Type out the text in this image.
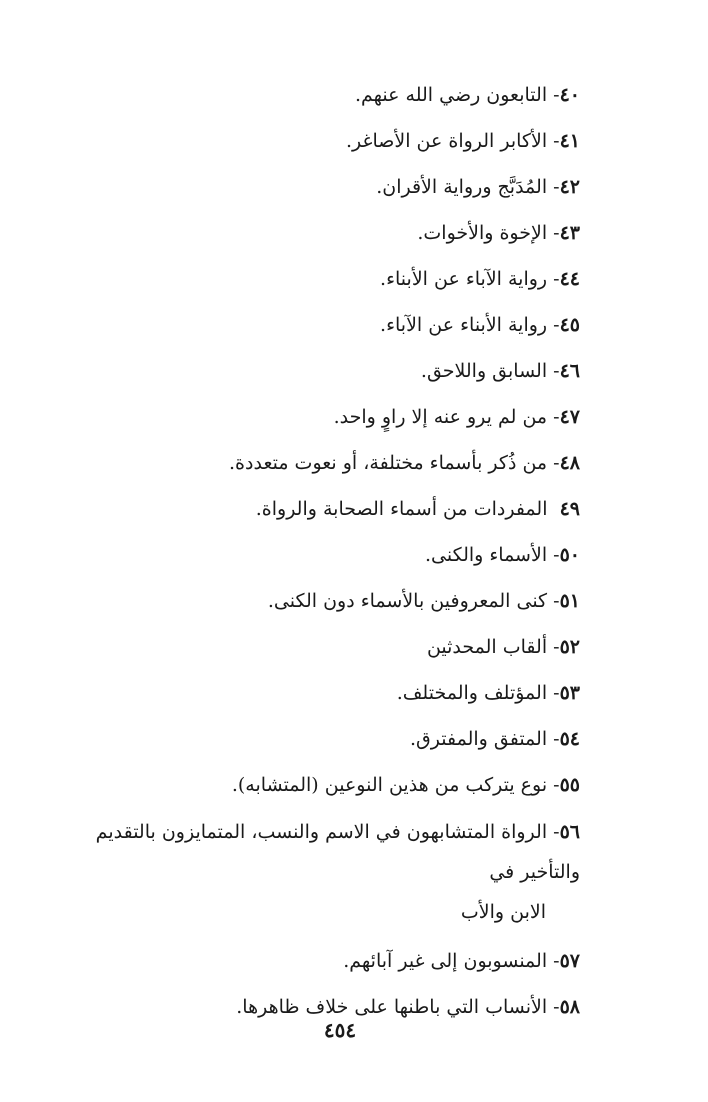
٤٠- التابعون رضي الله عنهم.
٤١- الأكابر الرواة عن الأصاغر.
٤٢- المُدَبَّج ورواية الأقران.
٤٣- الإخوة والأخوات.
٤٤- رواية الآباء عن الأبناء.
٤٥- رواية الأبناء عن الآباء.
٤٦- السابق واللاحق.
٤٧- من لم يرو عنه إلا راوٍ واحد.
٤٨- من ذُكر بأسماء مختلفة، أو نعوت متعددة.
٤٩  المفردات من أسماء الصحابة والرواة.
٥٠- الأسماء والكنى.
٥١- كنى المعروفين بالأسماء دون الكنى.
٥٢- ألقاب المحدثين
٥٣- المؤتلف والمختلف.
٥٤- المتفق والمفترق.
٥٥- نوع يتركب من هذين النوعين (المتشابه).
٥٦- الرواة المتشابهون في الاسم والنسب، المتمايزون بالتقديم والتأخير في
الابن والأب
٥٧- المنسوبون إلى غير آبائهم.
٥٨- الأنساب التي باطنها على خلاف ظاهرها.
٤٥٤
